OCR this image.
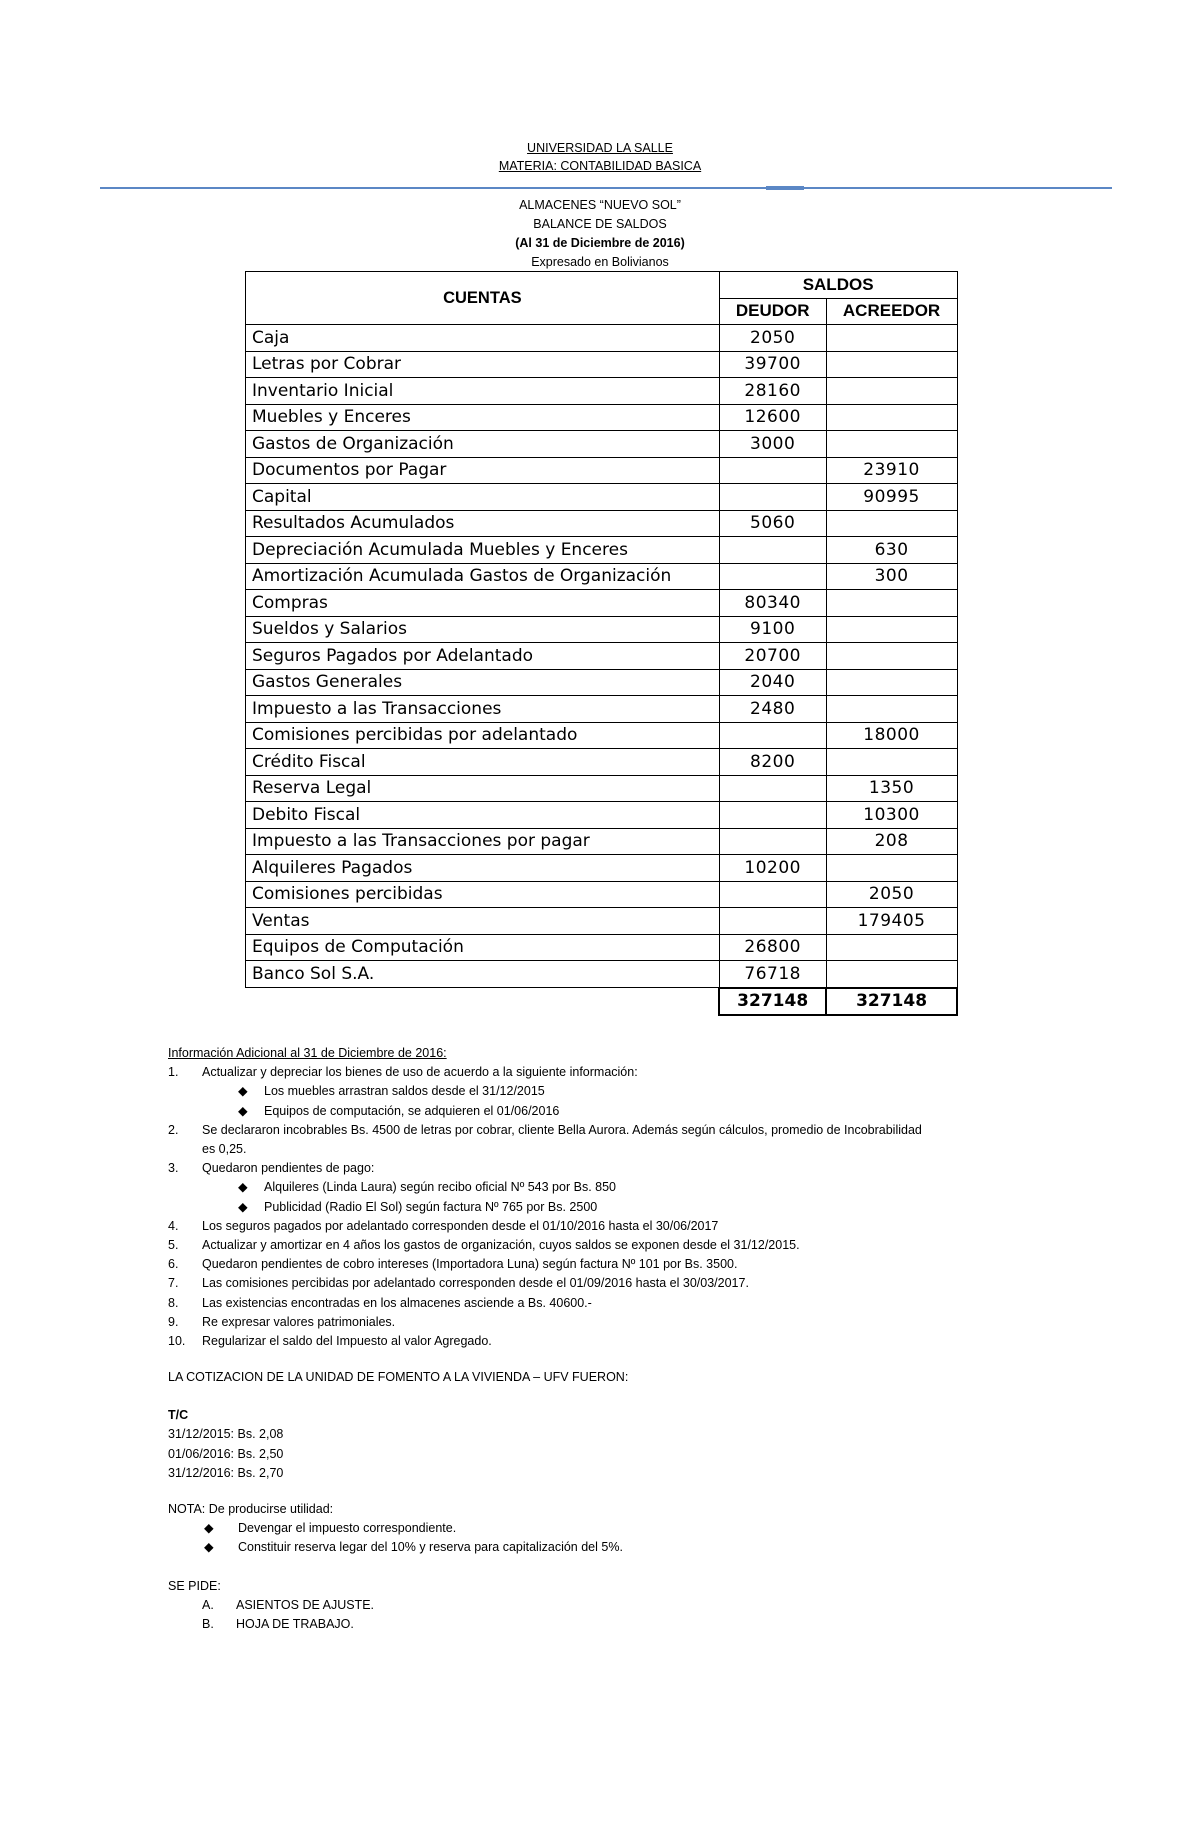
UNIVERSIDAD LA SALLE
MATERIA: CONTABILIDAD BASICA
ALMACENES “NUEVO SOL”
BALANCE DE SALDOS
(Al 31 de Diciembre de 2016)
Expresado en Bolivianos
CUENTAS	SALDOS	
	DEUDOR	ACREEDOR
Caja	2050	
Letras por Cobrar	39700	
Inventario Inicial	28160	
Muebles y Enceres	12600	
Gastos de Organización	3000	
Documentos por Pagar		23910
Capital		90995
Resultados Acumulados	5060	
Depreciación Acumulada Muebles y Enceres		630
Amortización Acumulada Gastos de Organización		300
Compras	80340	
Sueldos y Salarios	9100	
Seguros Pagados por Adelantado	20700	
Gastos Generales	2040	
Impuesto a las Transacciones	2480	
Comisiones percibidas por adelantado		18000
Crédito Fiscal	8200	
Reserva Legal		1350
Debito Fiscal		10300
Impuesto a las Transacciones por pagar		208
Alquileres Pagados	10200	
Comisiones percibidas		2050
Ventas		179405
Equipos de Computación	26800	
Banco Sol S.A.	76718	
	327148	327148
Información Adicional al 31 de Diciembre de 2016:
1. Actualizar y depreciar los bienes de uso de acuerdo a la siguiente información:
◆ Los muebles arrastran saldos desde el 31/12/2015
◆ Equipos de computación, se adquieren el 01/06/2016
2. Se declararon incobrables Bs. 4500 de letras por cobrar, cliente Bella Aurora. Además según cálculos, promedio de Incobrabilidad
es 0,25.
3. Quedaron pendientes de pago:
◆ Alquileres (Linda Laura) según recibo oficial Nº 543 por Bs. 850
◆ Publicidad (Radio El Sol) según factura Nº 765 por Bs. 2500
4. Los seguros pagados por adelantado corresponden desde el 01/10/2016 hasta el 30/06/2017
5. Actualizar y amortizar en 4 años los gastos de organización, cuyos saldos se exponen desde el 31/12/2015.
6. Quedaron pendientes de cobro intereses (Importadora Luna) según factura Nº 101 por Bs. 3500.
7. Las comisiones percibidas por adelantado corresponden desde el 01/09/2016 hasta el 30/03/2017.
8. Las existencias encontradas en los almacenes asciende a Bs. 40600.-
9. Re expresar valores patrimoniales.
10. Regularizar el saldo del Impuesto al valor Agregado.
LA COTIZACION DE LA UNIDAD DE FOMENTO A LA VIVIENDA – UFV FUERON:
T/C
31/12/2015: Bs. 2,08
01/06/2016: Bs. 2,50
31/12/2016: Bs. 2,70
NOTA: De producirse utilidad:
◆ Devengar el impuesto correspondiente.
◆ Constituir reserva legar del 10% y reserva para capitalización del 5%.
SE PIDE:
A. ASIENTOS DE AJUSTE.
B. HOJA DE TRABAJO.
